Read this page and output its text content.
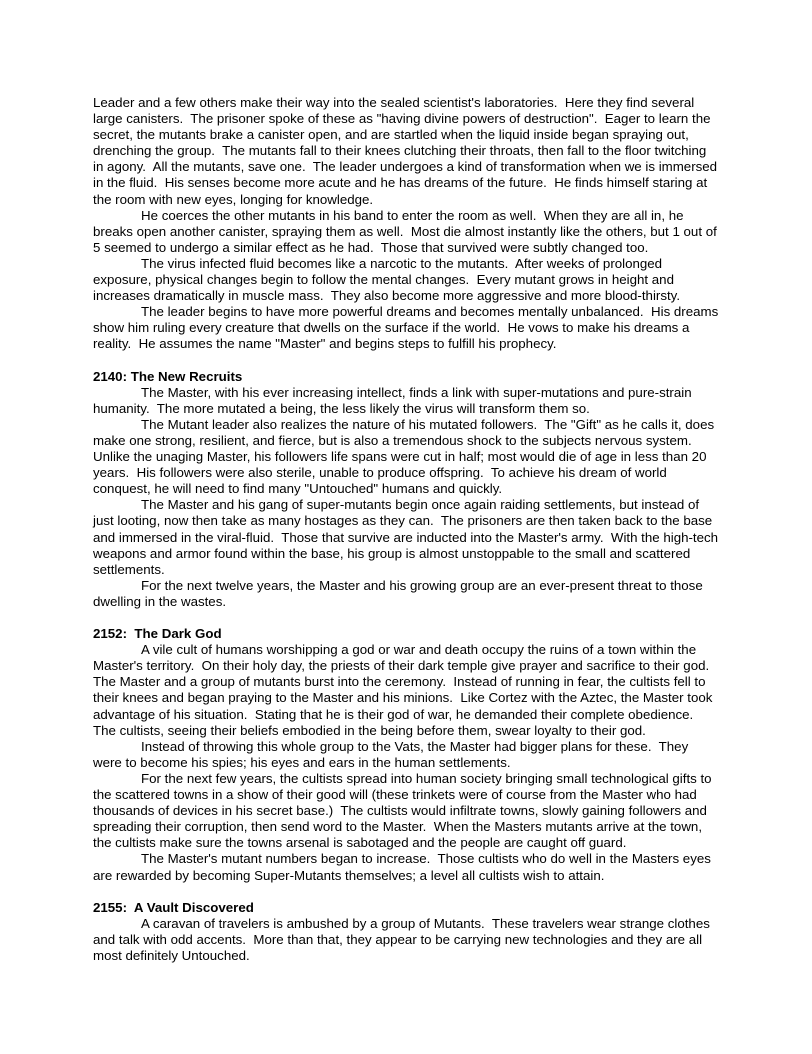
Leader and a few others make their way into the sealed scientist's laboratories.  Here they find several large canisters.  The prisoner spoke of these as "having divine powers of destruction".  Eager to learn the secret, the mutants brake a canister open, and are startled when the liquid inside began spraying out, drenching the group.  The mutants fall to their knees clutching their throats, then fall to the floor twitching in agony.  All the mutants, save one.  The leader undergoes a kind of transformation when we is immersed in the fluid.  His senses become more acute and he has dreams of the future.  He finds himself staring at the room with new eyes, longing for knowledge.

He coerces the other mutants in his band to enter the room as well.  When they are all in, he breaks open another canister, spraying them as well.  Most die almost instantly like the others, but 1 out of 5 seemed to undergo a similar effect as he had.  Those that survived were subtly changed too.

The virus infected fluid becomes like a narcotic to the mutants.  After weeks of prolonged exposure, physical changes begin to follow the mental changes.  Every mutant grows in height and increases dramatically in muscle mass.  They also become more aggressive and more blood-thirsty.

The leader begins to have more powerful dreams and becomes mentally unbalanced.  His dreams show him ruling every creature that dwells on the surface if the world.  He vows to make his dreams a reality.  He assumes the name "Master" and begins steps to fulfill his prophecy.

2140: The New Recruits

The Master, with his ever increasing intellect, finds a link with super-mutations and pure-strain humanity.  The more mutated a being, the less likely the virus will transform them so.

The Mutant leader also realizes the nature of his mutated followers.  The "Gift" as he calls it, does make one strong, resilient, and fierce, but is also a tremendous shock to the subjects nervous system.  Unlike the unaging Master, his followers life spans were cut in half; most would die of age in less than 20 years.  His followers were also sterile, unable to produce offspring.  To achieve his dream of world conquest, he will need to find many "Untouched" humans and quickly.

The Master and his gang of super-mutants begin once again raiding settlements, but instead of just looting, now then take as many hostages as they can.  The prisoners are then taken back to the base and immersed in the viral-fluid.  Those that survive are inducted into the Master's army.  With the high-tech weapons and armor found within the base, his group is almost unstoppable to the small and scattered settlements.

For the next twelve years, the Master and his growing group are an ever-present threat to those dwelling in the wastes.

2152:  The Dark God

A vile cult of humans worshipping a god or war and death occupy the ruins of a town within the Master's territory.  On their holy day, the priests of their dark temple give prayer and sacrifice to their god.  The Master and a group of mutants burst into the ceremony.  Instead of running in fear, the cultists fell to their knees and began praying to the Master and his minions.  Like Cortez with the Aztec, the Master took advantage of his situation.  Stating that he is their god of war, he demanded their complete obedience.  The cultists, seeing their beliefs embodied in the being before them, swear loyalty to their god.

Instead of throwing this whole group to the Vats, the Master had bigger plans for these.  They were to become his spies; his eyes and ears in the human settlements.

For the next few years, the cultists spread into human society bringing small technological gifts to the scattered towns in a show of their good will (these trinkets were of course from the Master who had thousands of devices in his secret base.)  The cultists would infiltrate towns, slowly gaining followers and spreading their corruption, then send word to the Master.  When the Masters mutants arrive at the town, the cultists make sure the towns arsenal is sabotaged and the people are caught off guard.

The Master's mutant numbers began to increase.  Those cultists who do well in the Masters eyes are rewarded by becoming Super-Mutants themselves; a level all cultists wish to attain.

2155:  A Vault Discovered

A caravan of travelers is ambushed by a group of Mutants.  These travelers wear strange clothes and talk with odd accents.  More than that, they appear to be carrying new technologies and they are all most definitely Untouched.
